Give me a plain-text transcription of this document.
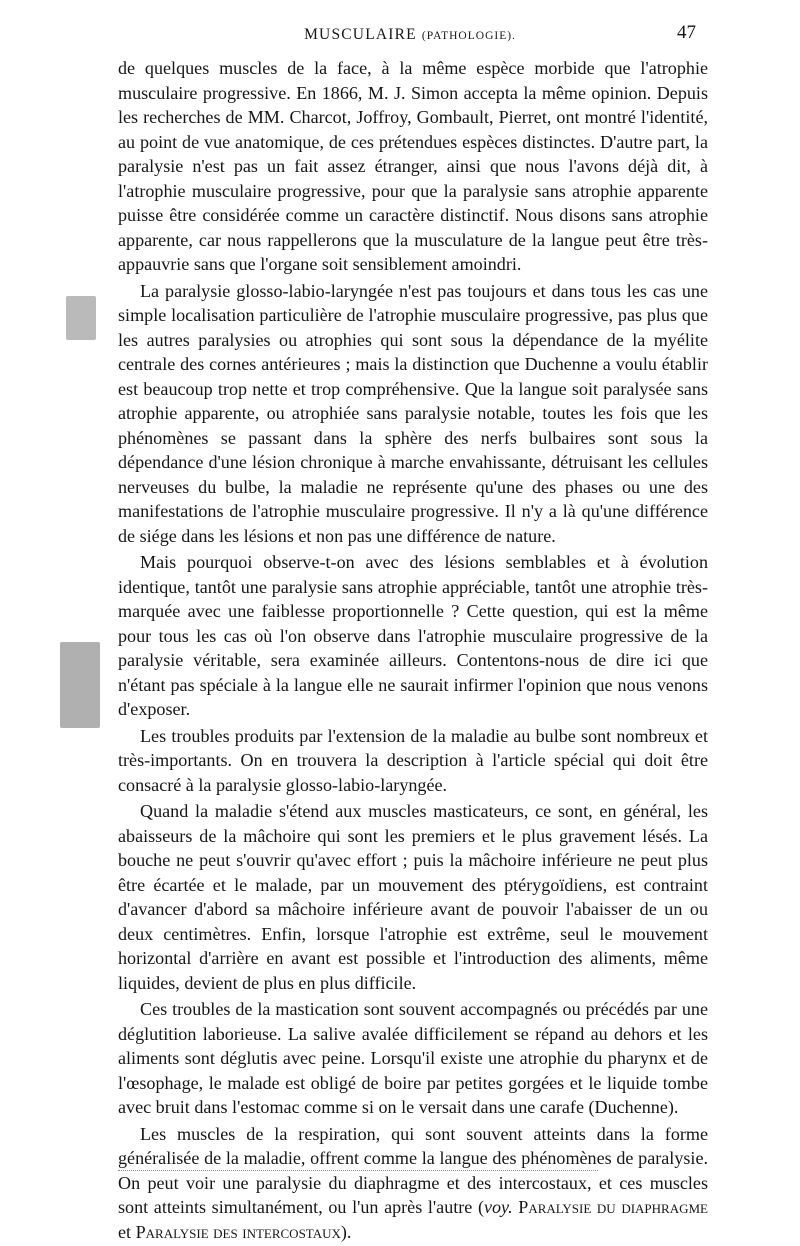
MUSCULAIRE (PATHOLOGIE).	47

de quelques muscles de la face, à la même espèce morbide que l'atrophie musculaire progressive. En 1866, M. J. Simon accepta la même opinion. Depuis les recherches de MM. Charcot, Joffroy, Gombault, Pierret, ont montré l'identité, au point de vue anatomique, de ces prétendues espèces distinctes. D'autre part, la paralysie n'est pas un fait assez étranger, ainsi que nous l'avons déjà dit, à l'atrophie musculaire progressive, pour que la paralysie sans atrophie apparente puisse être considérée comme un caractère distinctif. Nous disons sans atrophie apparente, car nous rappellerons que la musculature de la langue peut être très-appauvrie sans que l'organe soit sensiblement amoindri.

La paralysie glosso-labio-laryngée n'est pas toujours et dans tous les cas une simple localisation particulière de l'atrophie musculaire progressive, pas plus que les autres paralysies ou atrophies qui sont sous la dépendance de la myélite centrale des cornes antérieures ; mais la distinction que Duchenne a voulu établir est beaucoup trop nette et trop compréhensive. Que la langue soit paralysée sans atrophie apparente, ou atrophiée sans paralysie notable, toutes les fois que les phénomènes se passant dans la sphère des nerfs bulbaires sont sous la dépendance d'une lésion chronique à marche envahissante, détruisant les cellules nerveuses du bulbe, la maladie ne représente qu'une des phases ou une des manifestations de l'atrophie musculaire progressive. Il n'y a là qu'une différence de siége dans les lésions et non pas une différence de nature.

Mais pourquoi observe-t-on avec des lésions semblables et à évolution identique, tantôt une paralysie sans atrophie appréciable, tantôt une atrophie très-marquée avec une faiblesse proportionnelle ? Cette question, qui est la même pour tous les cas où l'on observe dans l'atrophie musculaire progressive de la paralysie véritable, sera examinée ailleurs. Contentons-nous de dire ici que n'étant pas spéciale à la langue elle ne saurait infirmer l'opinion que nous venons d'exposer.

Les troubles produits par l'extension de la maladie au bulbe sont nombreux et très-importants. On en trouvera la description à l'article spécial qui doit être consacré à la paralysie glosso-labio-laryngée.

Quand la maladie s'étend aux muscles masticateurs, ce sont, en général, les abaisseurs de la mâchoire qui sont les premiers et le plus gravement lésés. La bouche ne peut s'ouvrir qu'avec effort ; puis la mâchoire inférieure ne peut plus être écartée et le malade, par un mouvement des ptérygoïdiens, est contraint d'avancer d'abord sa mâchoire inférieure avant de pouvoir l'abaisser de un ou deux centimètres. Enfin, lorsque l'atrophie est extrême, seul le mouvement horizontal d'arrière en avant est possible et l'introduction des aliments, même liquides, devient de plus en plus difficile.

Ces troubles de la mastication sont souvent accompagnés ou précédés par une déglutition laborieuse. La salive avalée difficilement se répand au dehors et les aliments sont déglutis avec peine. Lorsqu'il existe une atrophie du pharynx et de l'œsophage, le malade est obligé de boire par petites gorgées et le liquide tombe avec bruit dans l'estomac comme si on le versait dans une carafe (Duchenne).

Les muscles de la respiration, qui sont souvent atteints dans la forme généralisée de la maladie, offrent comme la langue des phénomènes de paralysie. On peut voir une paralysie du diaphragme et des intercostaux, et ces muscles sont atteints simultanément, ou l'un après l'autre (voy. Paralysie du diaphragme et Paralysie des intercostaux).
